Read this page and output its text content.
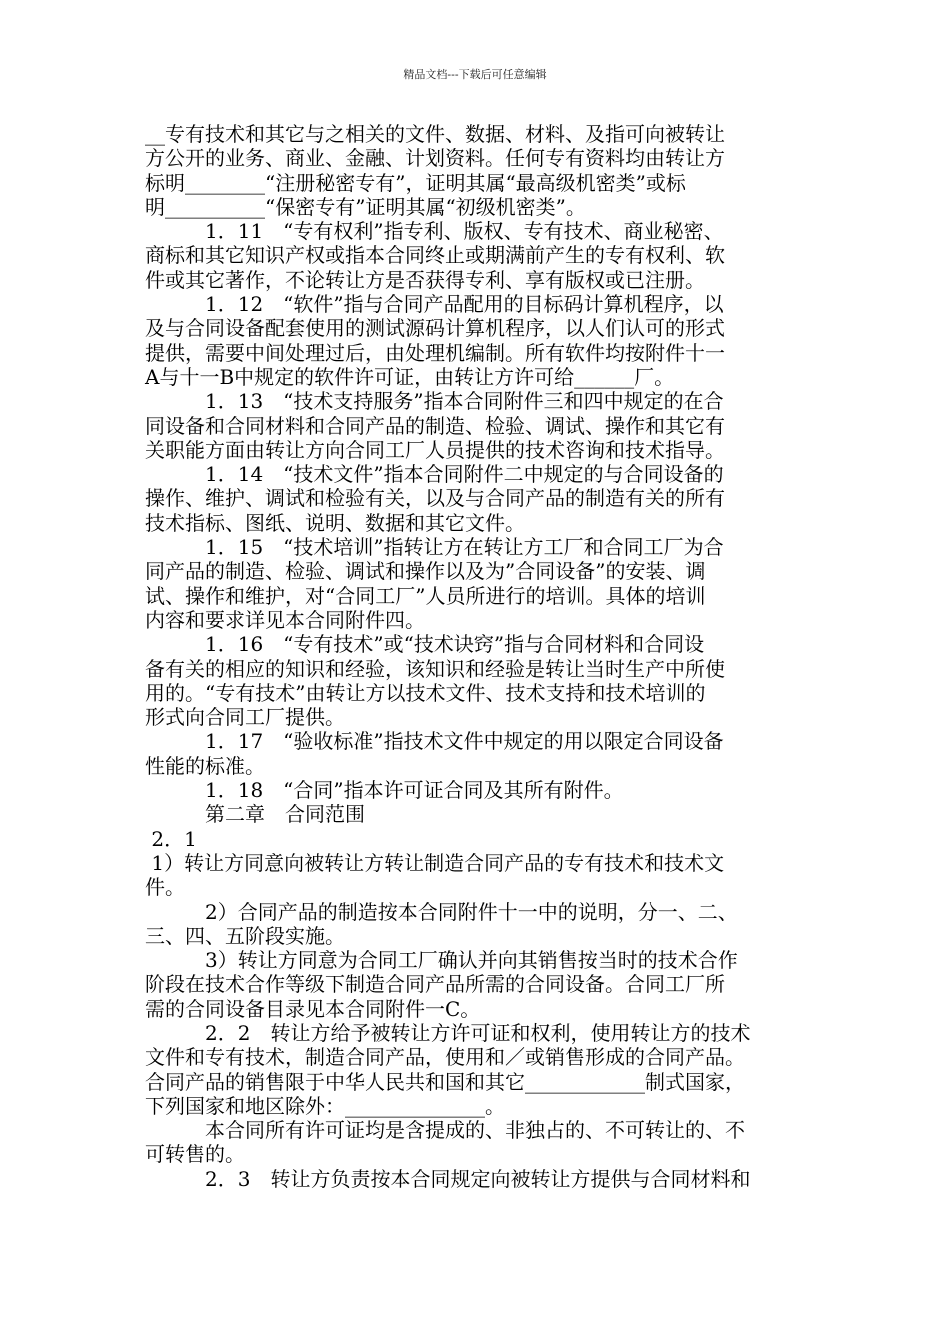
精品文档---下载后可任意编辑
__专有技术和其它与之相关的文件、数据、材料、及指可向被转让
方公开的业务、商业、金融、计划资料。任何专有资料均由转让方
标明________“注册秘密专有”，证明其属“最高级机密类”或标
明__________“保密专有”证明其属“初级机密类”。
　　　1．11　“专有权利”指专利、版权、专有技术、商业秘密、
商标和其它知识产权或指本合同终止或期满前产生的专有权利、软
件或其它著作，不论转让方是否获得专利、享有版权或已注册。
　　　1．12　“软件”指与合同产品配用的目标码计算机程序，以
及与合同设备配套使用的测试源码计算机程序，以人们认可的形式
提供，需要中间处理过后，由处理机编制。所有软件均按附件十一
A与十一B中规定的软件许可证，由转让方许可给______厂。
　　　1．13　“技术支持服务”指本合同附件三和四中规定的在合
同设备和合同材料和合同产品的制造、检验、调试、操作和其它有
关职能方面由转让方向合同工厂人员提供的技术咨询和技术指导。
　　　1．14　“技术文件”指本合同附件二中规定的与合同设备的
操作、维护、调试和检验有关，以及与合同产品的制造有关的所有
技术指标、图纸、说明、数据和其它文件。
　　　1．15　“技术培训”指转让方在转让方工厂和合同工厂为合
同产品的制造、检验、调试和操作以及为”合同设备”的安装、调
试、操作和维护，对“合同工厂”人员所进行的培训。具体的培训
内容和要求详见本合同附件四。
　　　1．16　“专有技术”或“技术诀窍”指与合同材料和合同设
备有关的相应的知识和经验，该知识和经验是转让当时生产中所使
用的。“专有技术”由转让方以技术文件、技术支持和技术培训的
形式向合同工厂提供。
　　　1．17　“验收标准”指技术文件中规定的用以限定合同设备
性能的标准。
　　　1．18　“合同”指本许可证合同及其所有附件。
　　　第二章　合同范围
2．1
1）转让方同意向被转让方转让制造合同产品的专有技术和技术文
件。
　　　2）合同产品的制造按本合同附件十一中的说明，分一、二、
三、四、五阶段实施。
　　　3）转让方同意为合同工厂确认并向其销售按当时的技术合作
阶段在技术合作等级下制造合同产品所需的合同设备。合同工厂所
需的合同设备目录见本合同附件一C。
　　　2．2　转让方给予被转让方许可证和权利，使用转让方的技术
文件和专有技术，制造合同产品，使用和／或销售形成的合同产品。
合同产品的销售限于中华人民共和国和其它____________制式国家，
下列国家和地区除外：______________。
　　　本合同所有许可证均是含提成的、非独占的、不可转让的、不
可转售的。
　　　2．3　转让方负责按本合同规定向被转让方提供与合同材料和
